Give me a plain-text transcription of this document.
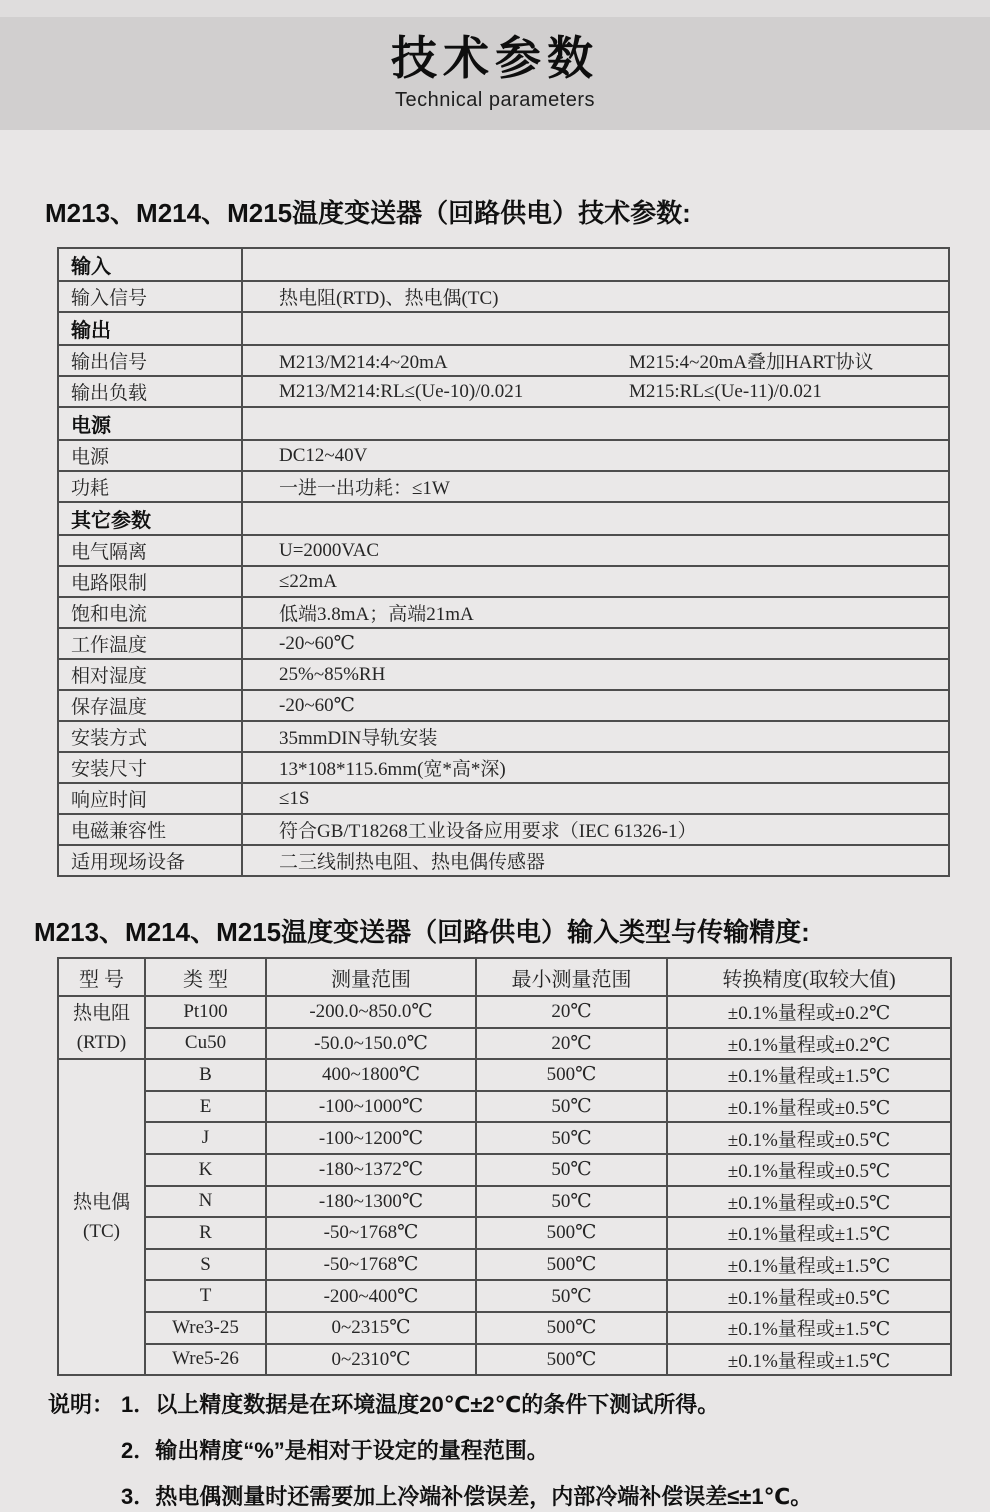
技术参数
Technical parameters
M213、M214、M215温度变送器（回路供电）技术参数:
输入	
输入信号	热电阻(RTD)、热电偶(TC)
输出	
输出信号	M213/M214:4~20mA M215:4~20mA叠加HART协议
输出负载	M213/M214:RL≤(Ue-10)/0.021 M215:RL≤(Ue-11)/0.021
电源	
电源	DC12~40V
功耗	一进一出功耗：≤1W
其它参数	
电气隔离	U=2000VAC
电路限制	≤22mA
饱和电流	低端3.8mA；高端21mA
工作温度	-20~60℃
相对湿度	25%~85%RH
保存温度	-20~60℃
安装方式	35mmDIN导轨安装
安装尺寸	13*108*115.6mm(宽*高*深)
响应时间	≤1S
电磁兼容性	符合GB/T18268工业设备应用要求（IEC 61326-1）
适用现场设备	二三线制热电阻、热电偶传感器
M213、M214、M215温度变送器（回路供电）输入类型与传输精度:
型 号	类 型	测量范围	最小测量范围	转换精度(取较大值)
热电阻
(RTD)	Pt100	-200.0~850.0℃	20℃	±0.1%量程或±0.2℃
	Cu50	-50.0~150.0℃	20℃	±0.1%量程或±0.2℃
热电偶
(TC)	B	400~1800℃	500℃	±0.1%量程或±1.5℃
	E	-100~1000℃	50℃	±0.1%量程或±0.5℃
	J	-100~1200℃	50℃	±0.1%量程或±0.5℃
	K	-180~1372℃	50℃	±0.1%量程或±0.5℃
	N	-180~1300℃	50℃	±0.1%量程或±0.5℃
	R	-50~1768℃	500℃	±0.1%量程或±1.5℃
	S	-50~1768℃	500℃	±0.1%量程或±1.5℃
	T	-200~400℃	50℃	±0.1%量程或±0.5℃
	Wre3-25	0~2315℃	500℃	±0.1%量程或±1.5℃
	Wre5-26	0~2310℃	500℃	±0.1%量程或±1.5℃
说明： 1．以上精度数据是在环境温度20℃±2℃的条件下测试所得。
2．输出精度“%”是相对于设定的量程范围。
3．热电偶测量时还需要加上冷端补偿误差，内部冷端补偿误差≤±1℃。
